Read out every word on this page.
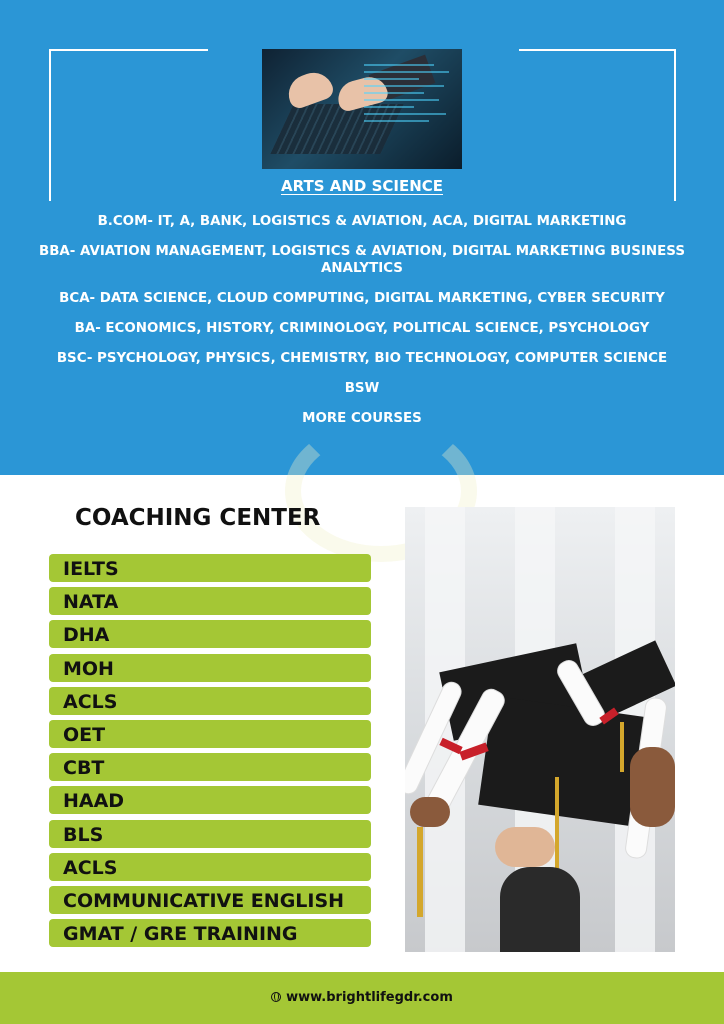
ARTS AND SCIENCE
B.COM- IT, A, BANK, LOGISTICS & AVIATION, ACA, DIGITAL MARKETING
BBA- AVIATION MANAGEMENT, LOGISTICS & AVIATION, DIGITAL MARKETING BUSINESS ANALYTICS
BCA- DATA SCIENCE, CLOUD COMPUTING, DIGITAL MARKETING, CYBER SECURITY
BA- ECONOMICS, HISTORY, CRIMINOLOGY, POLITICAL SCIENCE, PSYCHOLOGY
BSC- PSYCHOLOGY, PHYSICS, CHEMISTRY, BIO TECHNOLOGY, COMPUTER SCIENCE
BSW
MORE COURSES
COACHING CENTER
IELTS
NATA
DHA
MOH
ACLS
OET
CBT
HAAD
BLS
ACLS
COMMUNICATIVE ENGLISH
GMAT / GRE TRAINING
www.brightlifegdr.com
